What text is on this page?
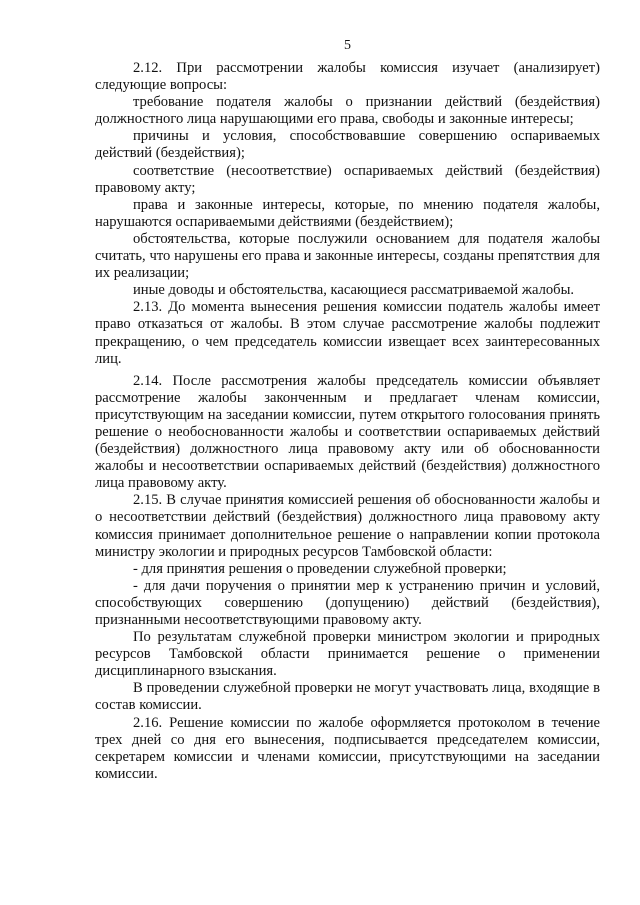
5

2.12. При рассмотрении жалобы комиссия изучает (анализирует) следующие вопросы:

требование подателя жалобы о признании действий (бездействия) должностного лица нарушающими его права, свободы и законные интересы;

причины и условия, способствовавшие совершению оспариваемых действий (бездействия);

соответствие (несоответствие) оспариваемых действий (бездействия) правовому акту;

права и законные интересы, которые, по мнению подателя жалобы, нарушаются оспариваемыми действиями (бездействием);

обстоятельства, которые послужили основанием для подателя жалобы считать, что нарушены его права и законные интересы, созданы препятствия для их реализации;

иные доводы и обстоятельства, касающиеся рассматриваемой жалобы.

2.13. До момента вынесения решения комиссии податель жалобы имеет право отказаться от жалобы. В этом случае рассмотрение жалобы подлежит прекращению, о чем председатель комиссии извещает всех заинтересованных лиц.

2.14. После рассмотрения жалобы председатель комиссии объявляет рассмотрение жалобы законченным и предлагает членам комиссии, присутствующим на заседании комиссии, путем открытого голосования принять решение о необоснованности жалобы и соответствии оспариваемых действий (бездействия) должностного лица правовому акту или об обоснованности жалобы и несоответствии оспариваемых действий (бездействия) должностного лица правовому акту.

2.15. В случае принятия комиссией решения об обоснованности жалобы и о несоответствии действий (бездействия) должностного лица правовому акту комиссия принимает дополнительное решение о направлении копии протокола министру экологии и природных ресурсов Тамбовской области:

- для принятия решения о проведении служебной проверки;

- для дачи поручения о принятии мер к устранению причин и условий, способствующих совершению (допущению) действий (бездействия), признанными несоответствующими правовому акту.

По результатам служебной проверки министром экологии и природных ресурсов Тамбовской области принимается решение о применении дисциплинарного взыскания.

В проведении служебной проверки не могут участвовать лица, входящие в состав комиссии.

2.16. Решение комиссии по жалобе оформляется протоколом в течение трех дней со дня его вынесения, подписывается председателем комиссии, секретарем комиссии и членами комиссии, присутствующими на заседании комиссии.
